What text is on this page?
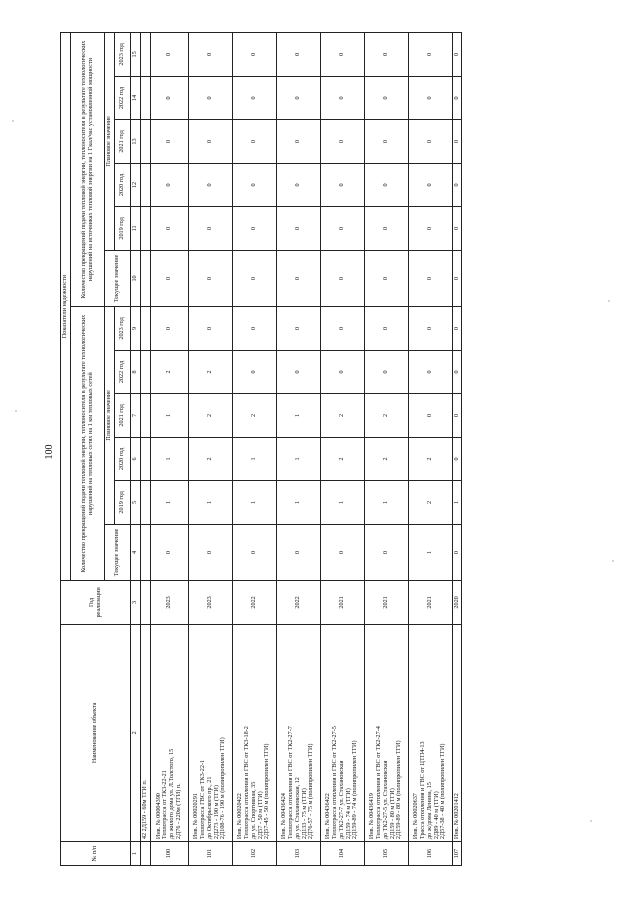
100
№ п/п	Наименование объекта	Год реализации	Показатели надежности											
			Количество прекращений подачи тепловой энергии, теплоносителя в результате технологических нарушений на тепловых сетях на 1 км тепловых сетей						Количество прекращений подачи тепловой энергии, теплоносителя в результате технологических нарушений на источниках тепловой энергии на 1 Гкал/час установленной мощности					
			Текущее значение	Плановое значение					Текущее значение	Плановое значение				
				2019 год	2020 год	2021 год	2022 год	2023 год		2019 год	2020 год	2021 год	2022 год	2023 год
1	2	3	4	5	6	7	8	9	10	11	12	13	14	15

	42 2Д159 - 60м ТГИ п.													

100	Инв. № 00004390 Теплотрасса от ТК3-22-21 до жилого дома ул. Л.Толстого, 15 2Д76 - 220м (ТГИ) п.	2023	0	1	1	1	2	0	0	0	0	0	0	0
101	Инв. № 00020291 Теплотрасса ГВС от ТК3-22-1 до Октябрьского пр., 21 2Д273 - 190 м (ТГИ) 2Д108-76 - 190 м (полипропилен ТГИ)	2023	0	1	2	2	2	0	0	0	0	0	0	0
102	Инв. № 00020422 Теплотрасса отопления и ГВС от ТК3-18-2 до ул. Спортивная, 35 2Д57 - 50 м (ТГИ) 2Д57-45 - 50 м (полипропилен ТГИ)	2022	0	1	1	2	0	0	0	0	0	0	0	0
103	Инв. № 00436424 Теплотрасса отопления и ГВС от ТК2-27-7 до ул. Стахановская, 12 2Д133 - 75 м (ТГИ) 2Д76-57 - 75 м (полипропилен ТГИ)	2022	0	1	1	1	0	0	0	0	0	0	0	0
104	Инв. № 00436422 Теплотрасса отопления и ГВС от ТК2-27-5 до ТК2-27-7 ул. Стахановская 2Д159 - 74 м (ТГИ) 2Д159-89 - 74 м (полипропилен ТГИ)	2021	0	1	2	2	0	0	0	0	0	0	0	0
105	Инв. № 00436419 Теплотрасса отопления и ГВС от ТК2-27-4 до ТК2-27-5 ул. Стахановская 2Д159 - 80 м (ТГИ) 2Д159-89 - 80 м (полипропилен ТГИ)	2021	0	1	2	2	0	0	0	0	0	0	0	0
106	Инв. № 00020637 Трасса отопления и ГВС от ЦТП4-13 до ж/дома Ленина, 15 2Д89 - 40 м (ТГИ) 2Д57-38 - 40 м (полипропилен ТГИ)	2021	1	2	2	0	0	0	0	0	0	0	0	0
107	Инв. № 00201412	2020	0	1	0	0	0	0	0	0	0	0	0	0
